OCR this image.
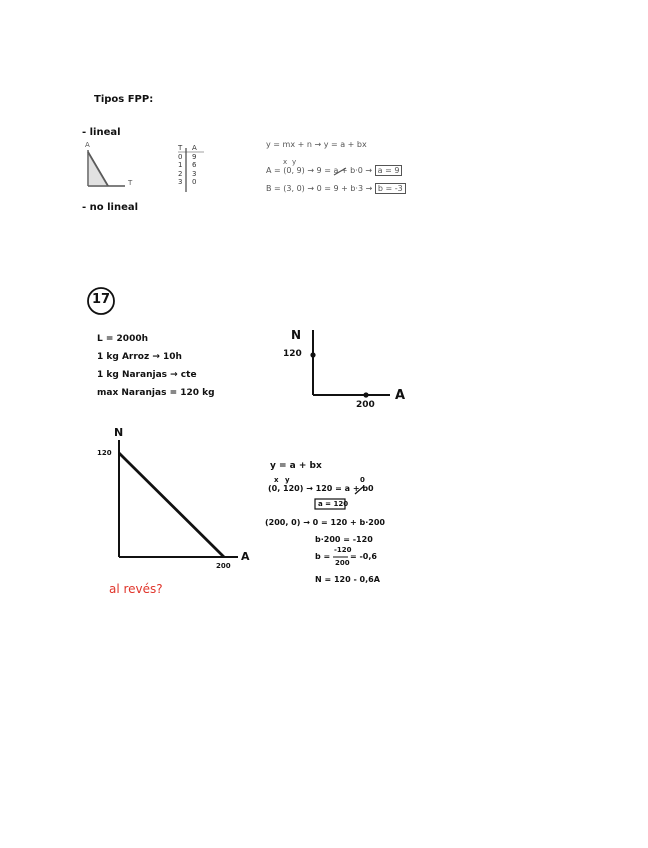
Tipos FPP:
- lineal
- no lineal
A
T
T	A
0	9
1	6
2	3
3	0
y = mx + n → y = a + bx
x y
A = (0, 9) → 9 = a + b·0 → a = 9
B = (3, 0) → 0 = 9 + b·3 → b = -3
17
L = 2000h
1 kg Arroz → 10h
1 kg Naranjas → cte
max Naranjas = 120 kg
N
120
200
A
N
120
200
A
al revés?
y = a + bx
x y	0
(0, 120) → 120 = a + b0
a = 120
(200, 0) → 0 = 120 + b·200
b·200 = -120
b =
-120
200
= -0,6
N = 120 - 0,6A
